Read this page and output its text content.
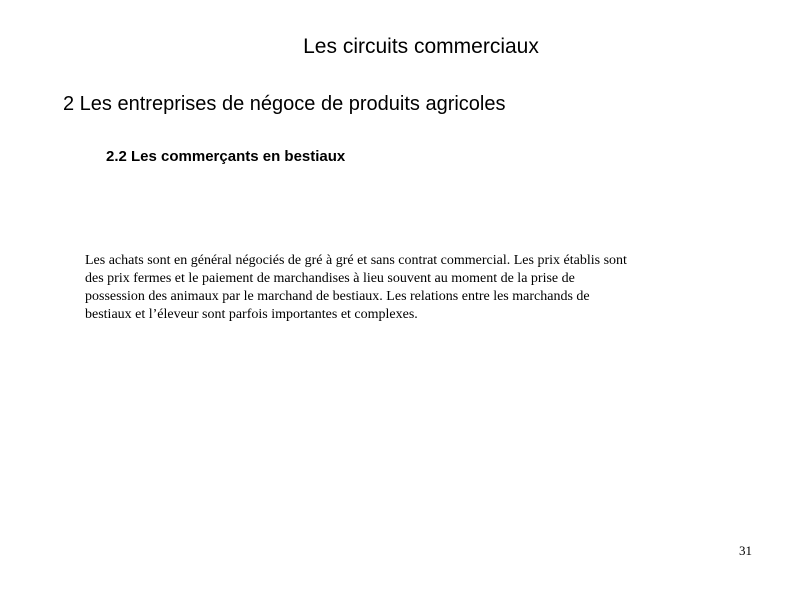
Les circuits commerciaux
2 Les entreprises de négoce de produits agricoles
2.2 Les commerçants en bestiaux

Les achats sont en général négociés de gré à gré et sans contrat commercial. Les prix établis sont
des prix fermes et le paiement de marchandises à lieu souvent au moment de la prise de
possession des animaux par le marchand de bestiaux. Les relations entre les marchands de
bestiaux et l’éleveur sont parfois importantes et complexes.

31
